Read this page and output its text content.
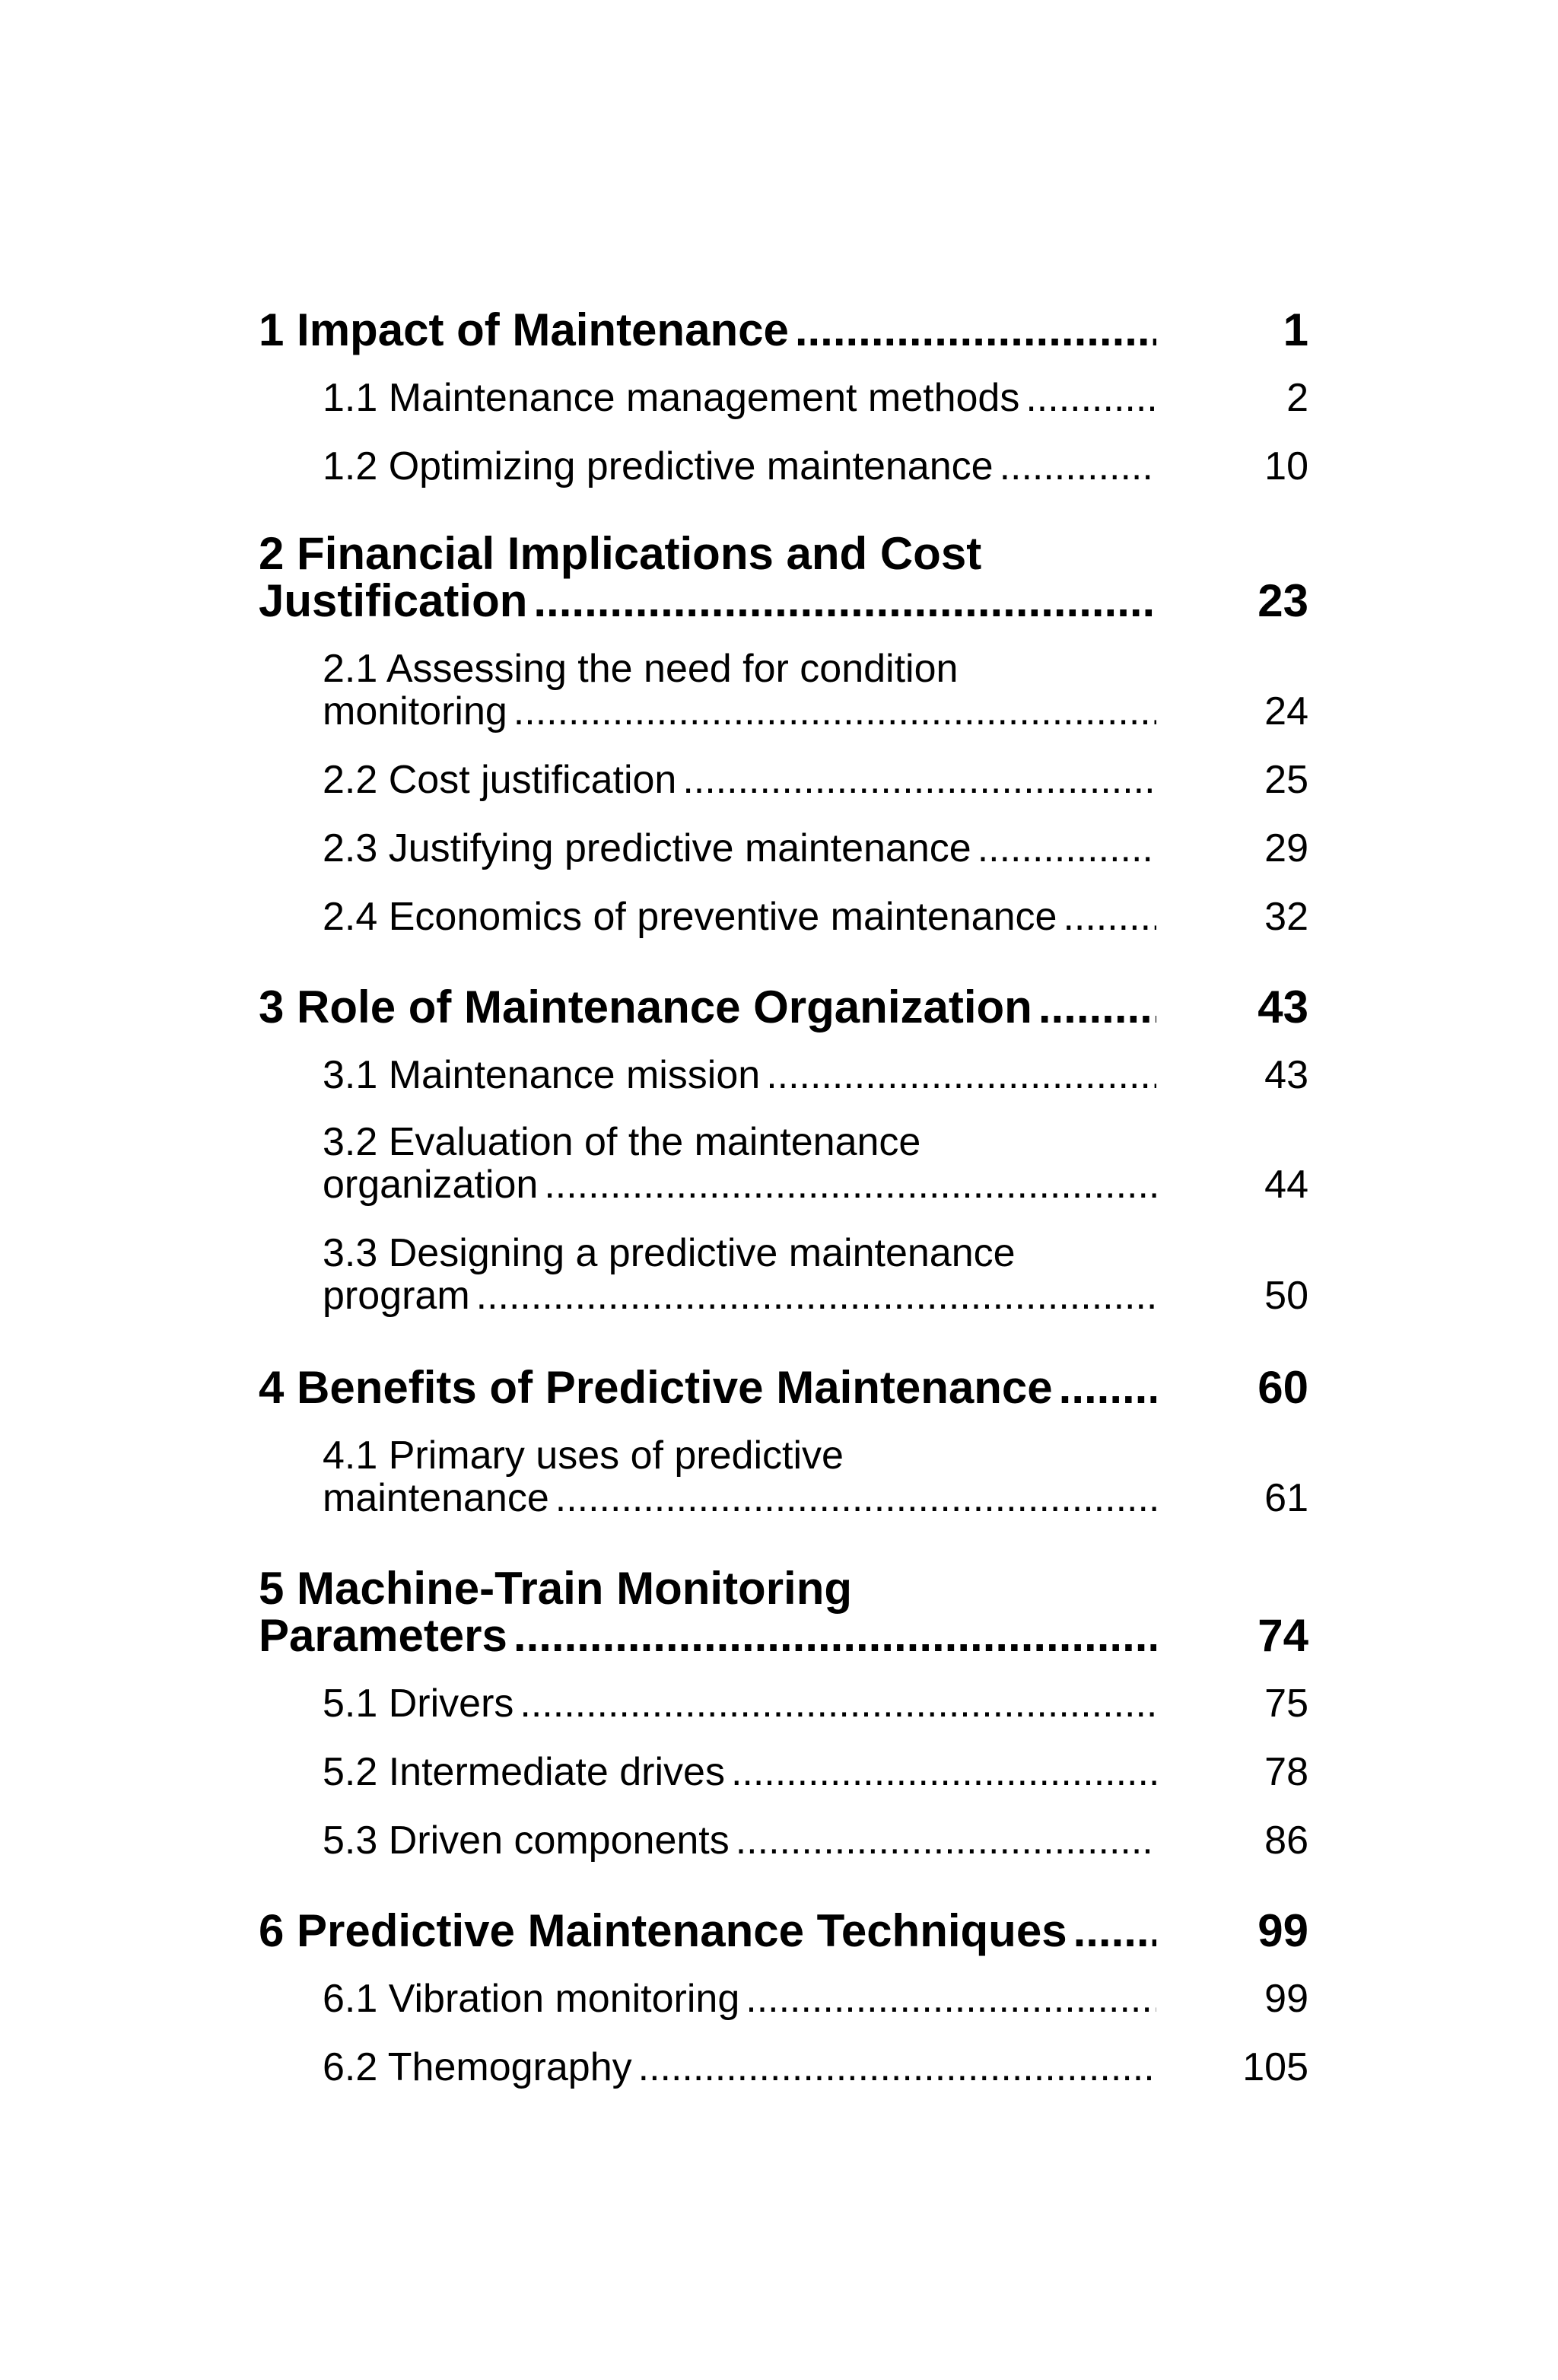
1 Impact of Maintenance .....	1
1.1 Maintenance management methods .....	2
1.2 Optimizing predictive maintenance .....	10
2 Financial Implications and Cost
Justification .....	23
2.1 Assessing the need for condition
monitoring .....	24
2.2 Cost justification .....	25
2.3 Justifying predictive maintenance .....	29
2.4 Economics of preventive maintenance .....	32
3 Role of Maintenance Organization .....	43
3.1 Maintenance mission .....	43
3.2 Evaluation of the maintenance
organization .....	44
3.3 Designing a predictive maintenance
program .....	50
4 Benefits of Predictive Maintenance .....	60
4.1 Primary uses of predictive
maintenance .....	61
5 Machine-Train Monitoring
Parameters .....	74
5.1 Drivers .....	75
5.2 Intermediate drives .....	78
5.3 Driven components .....	86
6 Predictive Maintenance Techniques .....	99
6.1 Vibration monitoring .....	99
6.2 Themography .....	105
